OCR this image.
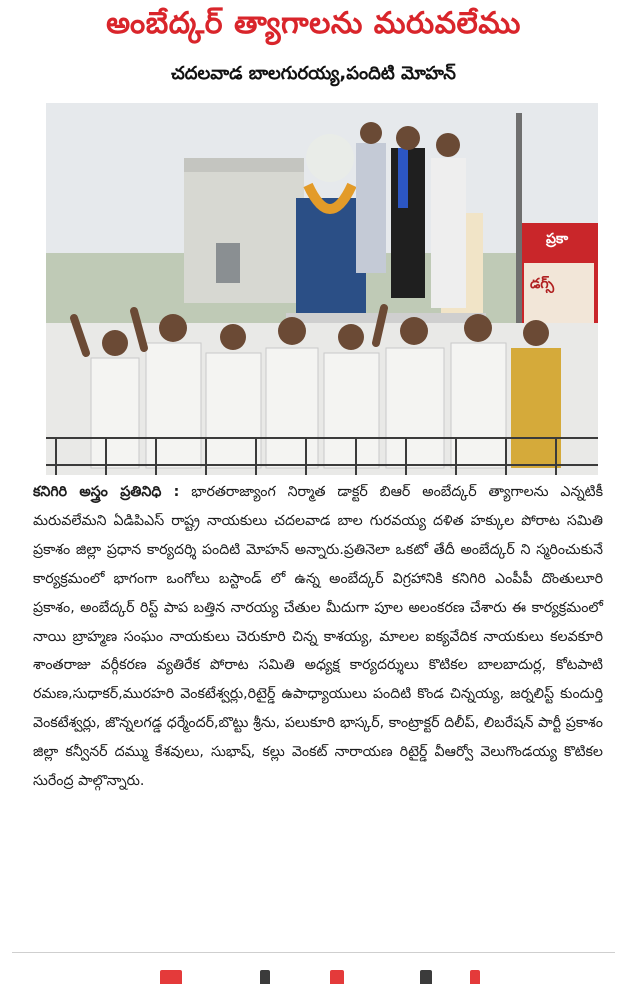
అంబేద్కర్ త్యాగాలను మరువలేము
చదలవాడ బాలగురయ్య,పందిటి మోహన్
ప్రకా
డగ్స్
కనిగిరి అస్త్రం ప్రతినిధి : భారతరాజ్యాంగ నిర్మాత డాక్టర్ బిఆర్ అంబేద్కర్ త్యాగాలను ఎన్నటికీ మరువలేమని ఏడిపిఎస్ రాష్ట్ర నాయకులు చదలవాడ బాల గురవయ్య దళిత హక్కుల పోరాట సమితి ప్రకాశం జిల్లా ప్రధాన కార్యదర్శి పందిటి మోహన్ అన్నారు.ప్రతినెలా ఒకటో తేదీ అంబేద్కర్ ని స్మరించుకునే కార్యక్రమంలో భాగంగా ఒంగోలు బస్టాండ్ లో ఉన్న అంబేద్కర్ విగ్రహానికి కనిగిరి ఎంపీపీ దొంతులూరి ప్రకాశం, అంబేద్కర్ రిస్ట్ పాప బత్తిన నారయ్య చేతుల మీదుగా పూల అలంకరణ చేశారు ఈ కార్యక్రమంలో నాయి బ్రాహ్మణ సంఘం నాయకులు చెరుకూరి చిన్న కాశయ్య, మాలల ఐక్యవేదిక నాయకులు కలవకూరి శాంతరాజు వర్గీకరణ వ్యతిరేక పోరాట సమితి అధ్యక్ష కార్యదర్శులు కొటికల బాలబాదుర్ల, కోటపాటి రమణ,సుధాకర్,మురహరి వెంకటేశ్వర్లు,రిటైర్డ్ ఉపాధ్యాయులు పందిటి కొండ చిన్నయ్య, జర్నలిస్ట్ కుందుర్తి వెంకటేశ్వర్లు, జొన్నలగడ్డ ధర్మేందర్,బొట్టు శ్రీను, పలుకూరి భాస్కర్, కాంట్రాక్టర్ దిలీప్, లిబరేషన్ పార్టీ ప్రకాశం జిల్లా కన్వీనర్ దమ్ము కేశవులు, సుభాష్, కల్లు వెంకట్ నారాయణ రిటైర్డ్ వీఆర్వో వెలుగొండయ్య కొటికల సురేంద్ర పాల్గొన్నారు.
